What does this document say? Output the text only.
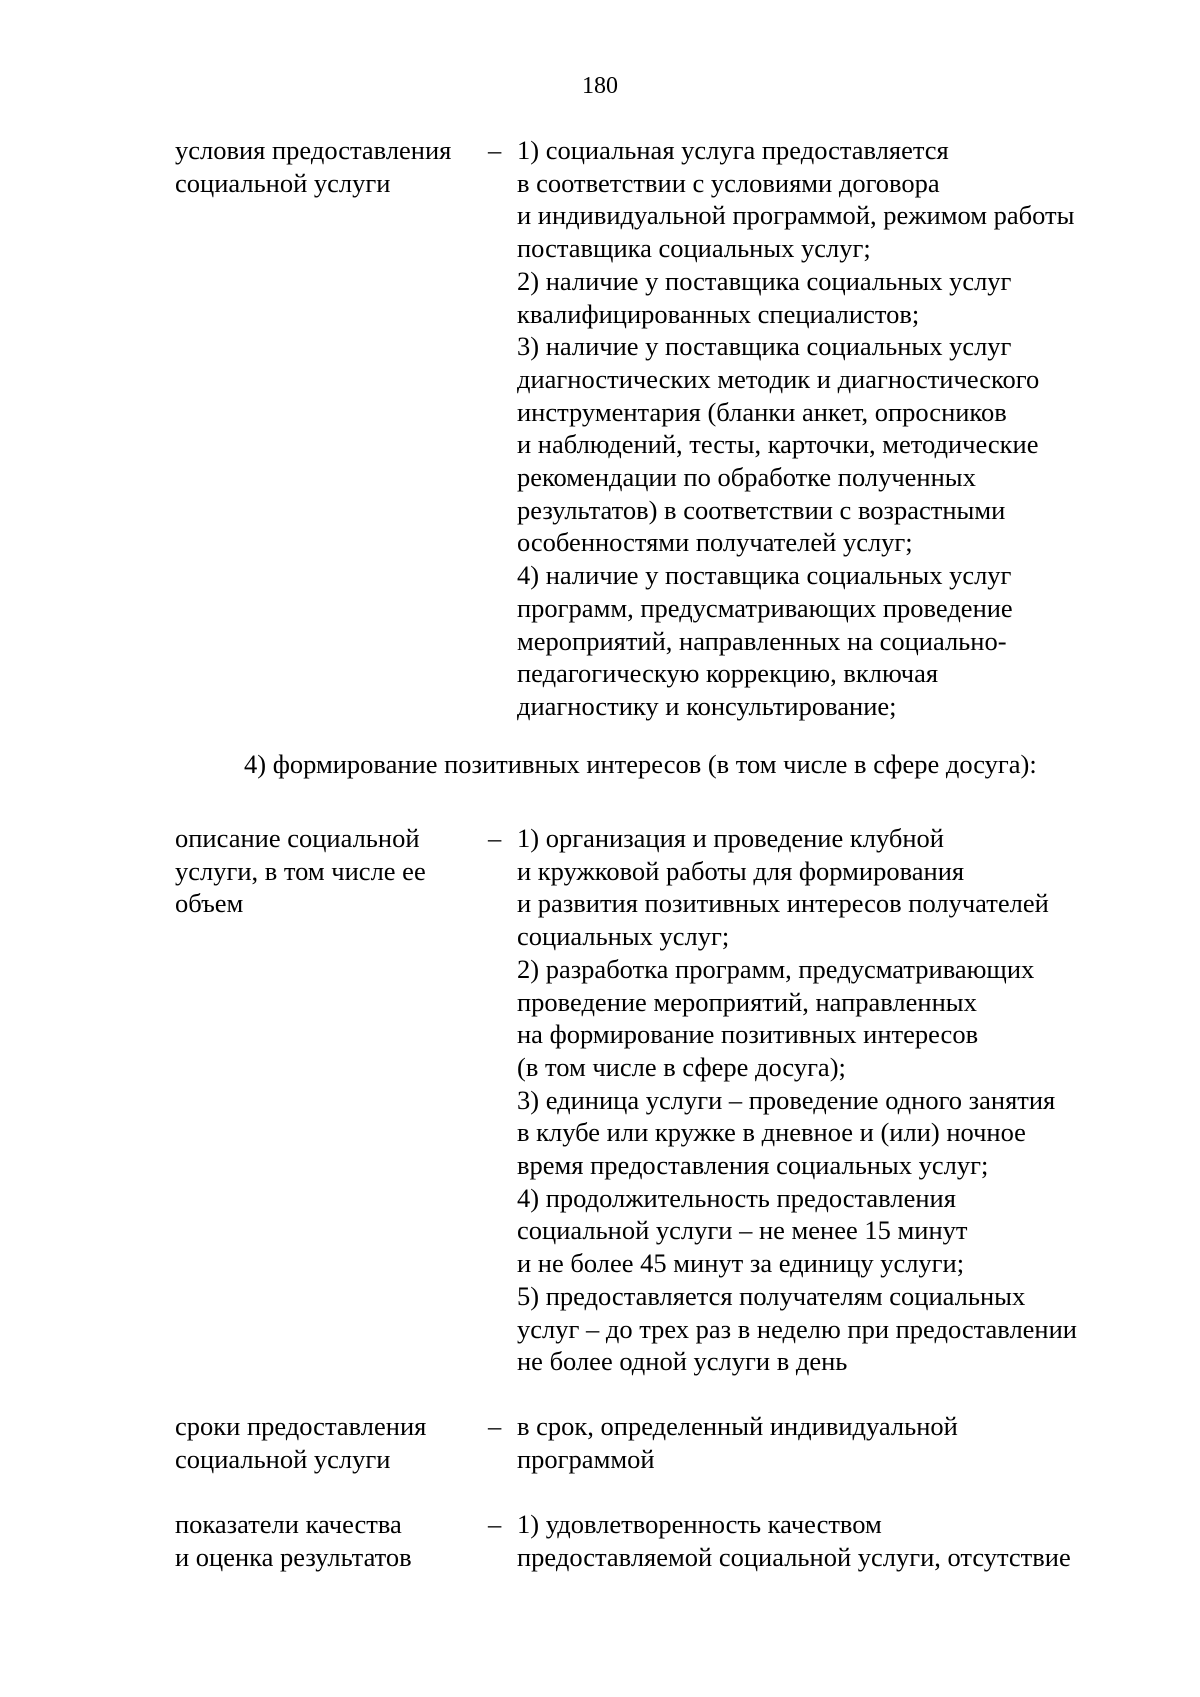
180
условия предоставления
социальной услуги
– 1) социальная услуга предоставляется
в соответствии с условиями договора
и индивидуальной программой, режимом работы
поставщика социальных услуг;
2) наличие у поставщика социальных услуг
квалифицированных специалистов;
3) наличие у поставщика социальных услуг
диагностических методик и диагностического
инструментария (бланки анкет, опросников
и наблюдений, тесты, карточки, методические
рекомендации по обработке полученных
результатов) в соответствии с возрастными
особенностями получателей услуг;
4) наличие у поставщика социальных услуг
программ, предусматривающих проведение
мероприятий, направленных на социально-
педагогическую коррекцию, включая
диагностику и консультирование;
4) формирование позитивных интересов (в том числе в сфере досуга):
описание социальной
услуги, в том числе ее
объем
– 1) организация и проведение клубной
и кружковой работы для формирования
и развития позитивных интересов получателей
социальных услуг;
2) разработка программ, предусматривающих
проведение мероприятий, направленных
на формирование позитивных интересов
(в том числе в сфере досуга);
3) единица услуги – проведение одного занятия
в клубе или кружке в дневное и (или) ночное
время предоставления социальных услуг;
4) продолжительность предоставления
социальной услуги – не менее 15 минут
и не более 45 минут за единицу услуги;
5) предоставляется получателям социальных
услуг – до трех раз в неделю при предоставлении
не более одной услуги в день
сроки предоставления
социальной услуги
– в срок, определенный индивидуальной
программой
показатели качества
и оценка результатов
– 1) удовлетворенность качеством
предоставляемой социальной услуги, отсутствие
